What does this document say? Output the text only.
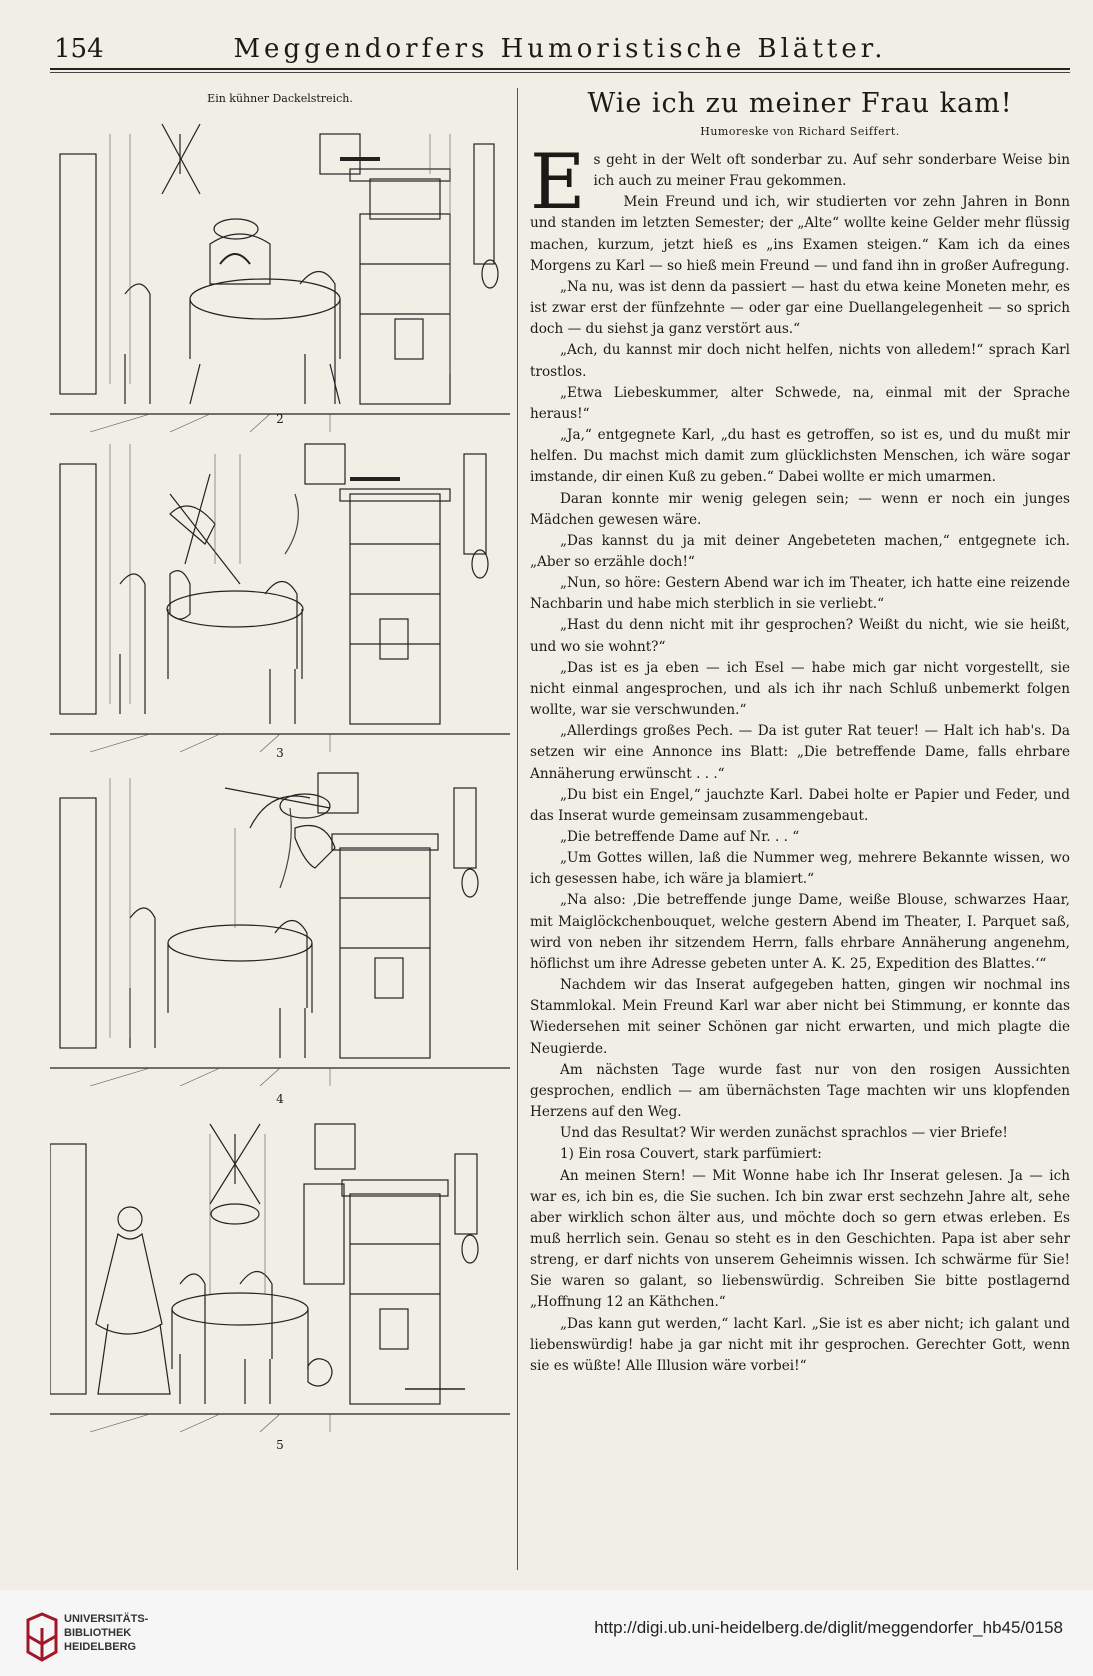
154	Meggendorfers Humoristische Blätter.
Ein kühner Dackelstreich.
2
3
4
5
Wie ich zu meiner Frau kam!
Humoreske von Richard Seiffert.
E s geht in der Welt oft sonderbar zu. Auf sehr sonderbare Weise bin ich auch zu meiner Frau gekommen.

Mein Freund und ich, wir studierten vor zehn Jahren in Bonn und standen im letzten Semester; der „Alte“ wollte keine Gelder mehr flüssig machen, kurzum, jetzt hieß es „ins Examen steigen.“ Kam ich da eines Morgens zu Karl — so hieß mein Freund — und fand ihn in großer Aufregung.

„Na nu, was ist denn da passiert — hast du etwa keine Moneten mehr, es ist zwar erst der fünfzehnte — oder gar eine Duellangelegenheit — so sprich doch — du siehst ja ganz verstört aus.“

„Ach, du kannst mir doch nicht helfen, nichts von alledem!“ sprach Karl trostlos.

„Etwa Liebeskummer, alter Schwede, na, einmal mit der Sprache heraus!“

„Ja,“ entgegnete Karl, „du hast es getroffen, so ist es, und du mußt mir helfen. Du machst mich damit zum glücklichsten Menschen, ich wäre sogar imstande, dir einen Kuß zu geben.“ Dabei wollte er mich umarmen.

Daran konnte mir wenig gelegen sein; — wenn er noch ein junges Mädchen gewesen wäre.

„Das kannst du ja mit deiner Angebeteten machen,“ entgegnete ich. „Aber so erzähle doch!“

„Nun, so höre: Gestern Abend war ich im Theater, ich hatte eine reizende Nachbarin und habe mich sterblich in sie verliebt.“

„Hast du denn nicht mit ihr gesprochen? Weißt du nicht, wie sie heißt, und wo sie wohnt?“

„Das ist es ja eben — ich Esel — habe mich gar nicht vorgestellt, sie nicht einmal angesprochen, und als ich ihr nach Schluß unbemerkt folgen wollte, war sie verschwunden.“

„Allerdings großes Pech. — Da ist guter Rat teuer! — Halt ich hab's. Da setzen wir eine Annonce ins Blatt: „Die betreffende Dame, falls ehrbare Annäherung erwünscht . . .“

„Du bist ein Engel,“ jauchzte Karl. Dabei holte er Papier und Feder, und das Inserat wurde gemeinsam zusammengebaut.

„Die betreffende Dame auf Nr. . . “

„Um Gottes willen, laß die Nummer weg, mehrere Bekannte wissen, wo ich gesessen habe, ich wäre ja blamiert.“

„Na also: ‚Die betreffende junge Dame, weiße Blouse, schwarzes Haar, mit Maiglöckchenbouquet, welche gestern Abend im Theater, I. Parquet saß, wird von neben ihr sitzendem Herrn, falls ehrbare Annäherung angenehm, höflichst um ihre Adresse gebeten unter A. K. 25, Expedition des Blattes.‘“

Nachdem wir das Inserat aufgegeben hatten, gingen wir nochmal ins Stammlokal. Mein Freund Karl war aber nicht bei Stimmung, er konnte das Wiedersehen mit seiner Schönen gar nicht erwarten, und mich plagte die Neugierde.

Am nächsten Tage wurde fast nur von den rosigen Aussichten gesprochen, endlich — am übernächsten Tage machten wir uns klopfenden Herzens auf den Weg.

Und das Resultat? Wir werden zunächst sprachlos — vier Briefe!

1) Ein rosa Couvert, stark parfümiert:

An meinen Stern! — Mit Wonne habe ich Ihr Inserat gelesen. Ja — ich war es, ich bin es, die Sie suchen. Ich bin zwar erst sechzehn Jahre alt, sehe aber wirklich schon älter aus, und möchte doch so gern etwas erleben. Es muß herrlich sein. Genau so steht es in den Geschichten. Papa ist aber sehr streng, er darf nichts von unserem Geheimnis wissen. Ich schwärme für Sie! Sie waren so galant, so liebenswürdig. Schreiben Sie bitte postlagernd „Hoffnung 12 an Käthchen.“

„Das kann gut werden,“ lacht Karl. „Sie ist es aber nicht; ich galant und liebenswürdig! habe ja gar nicht mit ihr gesprochen. Gerechter Gott, wenn sie es wüßte! Alle Illusion wäre vorbei!“

UNIVERSITÄTS-
BIBLIOTHEK
HEIDELBERG
http://digi.ub.uni-heidelberg.de/diglit/meggendorfer_hb45/0158
